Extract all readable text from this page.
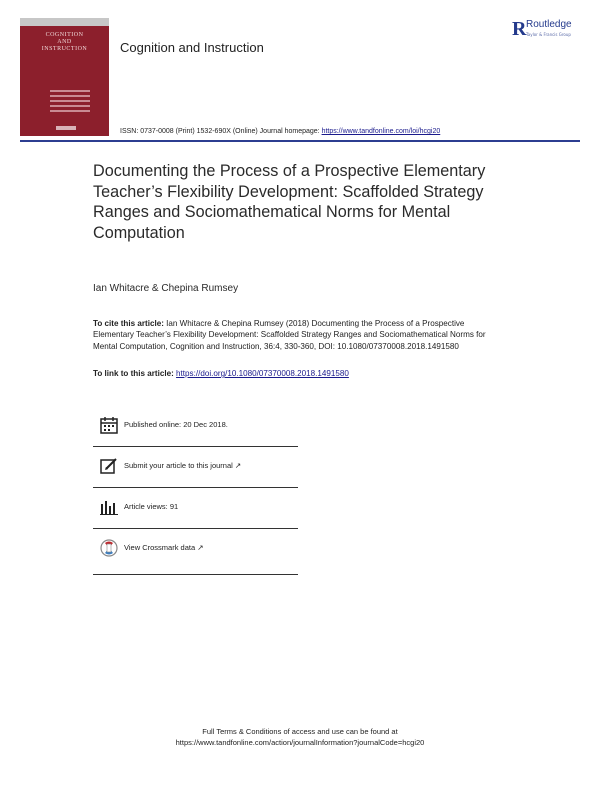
COGNITION
AND
INSTRUCTION	Cognition and Instruction
R Routledge
Taylor & Francis Group
ISSN: 0737-0008 (Print) 1532-690X (Online) Journal homepage: https://www.tandfonline.com/loi/hcgi20
Documenting the Process of a Prospective Elementary Teacher’s Flexibility Development: Scaffolded Strategy Ranges and Sociomathematical Norms for Mental Computation
Ian Whitacre & Chepina Rumsey
To cite this article: Ian Whitacre & Chepina Rumsey (2018) Documenting the Process of a Prospective Elementary Teacher’s Flexibility Development: Scaffolded Strategy Ranges and Sociomathematical Norms for Mental Computation, Cognition and Instruction, 36:4, 330-360, DOI: 10.1080/07370008.2018.1491580
To link to this article: https://doi.org/10.1080/07370008.2018.1491580
Published online: 20 Dec 2018.
Submit your article to this journal ↗
Article views: 91
View Crossmark data ↗
Full Terms & Conditions of access and use can be found at
https://www.tandfonline.com/action/journalInformation?journalCode=hcgi20
